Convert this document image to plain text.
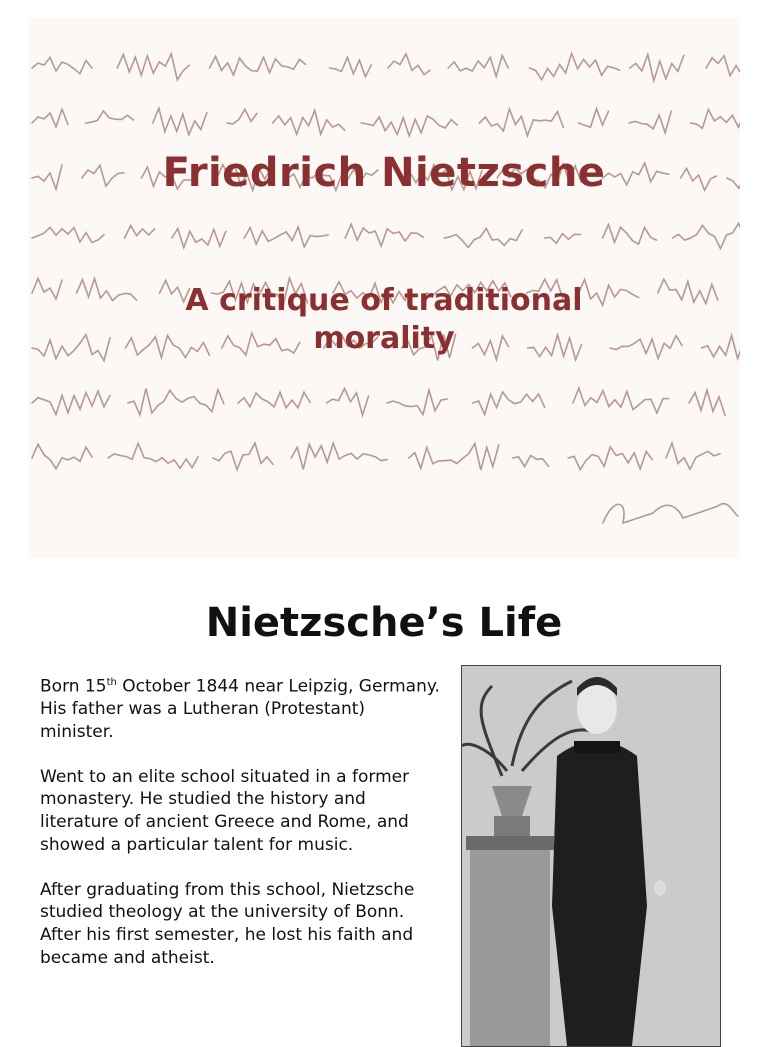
Friedrich Nietzsche
A critique of traditional morality
Nietzsche’s Life

Born 15th October 1844 near Leipzig, Germany.
His father was a Lutheran (Protestant) minister.

Went to an elite school situated in a former monastery. He studied the history and literature of ancient Greece and Rome, and showed a particular talent for music.

After graduating from this school, Nietzsche studied theology at the university of Bonn. After his first semester, he lost his faith and became and atheist.
